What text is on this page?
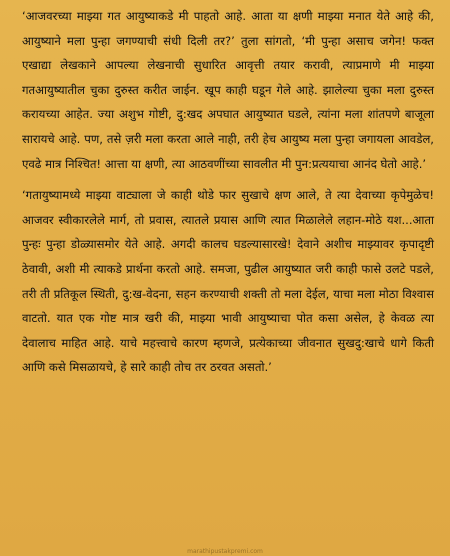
‘आजवरच्या माझ्या गत आयुष्याकडे मी पाहतो आहे. आता या क्षणी माझ्या मनात येते आहे की, आयुष्याने मला पुन्हा जगण्याची संधी दिली तर?’ तुला सांगतो, ‘मी पुन्हा असाच जगेन! फक्त एखाद्या लेखकाने आपल्या लेखनाची सुधारित आवृत्ती तयार करावी, त्याप्रमाणे मी माझ्या गतआयुष्यातील चुका दुरुस्त करीत जाईन. खूप काही घडून गेले आहे. झालेल्या चुका मला दुरुस्त करायच्या आहेत. ज्या अशुभ गोष्टी, दु:खद अपघात आयुष्यात घडले, त्यांना मला शांतपणे बाजूला सारायचे आहे. पण, तसे ज़री मला करता आले नाही, तरी हेच आयुष्य मला पुन्हा जगायला आवडेल, एवढे मात्र निश्चित! आत्ता या क्षणी, त्या आठवणींच्या सावलीत मी पुन:प्रत्ययाचा आनंद घेतो आहे.’

‘गतायुष्यामध्ये माझ्या वाट्याला जे काही थोडे फार सुखाचे क्षण आले, ते त्या देवाच्या कृपेमुळेच! आजवर स्वीकारलेले मार्ग, तो प्रवास, त्यातले प्रयास आणि त्यात मिळालेले लहान-मोठे यश...आता पुन्हः पुन्हा डोळ्यासमोर येते आहे. अगदी कालच घडल्यासारखे! देवाने अशीच माझ्यावर कृपादृष्टी ठेवावी, अशी मी त्याकडे प्रार्थना करतो आहे. समजा, पुढील आयुष्यात जरी काही फासे उलटे पडले, तरी ती प्रतिकूल स्थिती, दु:ख-वेदना, सहन करण्याची शक्ती तो मला देईल, याचा मला मोठा विश्वास वाटतो. यात एक गोष्ट मात्र खरी की, माझ्या भावी आयुष्याचा पोत कसा असेल, हे केवळ त्या देवालाच माहित आहे. याचे महत्त्वाचे कारण म्हणजे, प्रत्येकाच्या जीवनात सुखदु:खाचे धागे किती आणि कसे मिसळायचे, हे सारे काही तोच तर ठरवत असतो.’

marathipustakpremi.com
